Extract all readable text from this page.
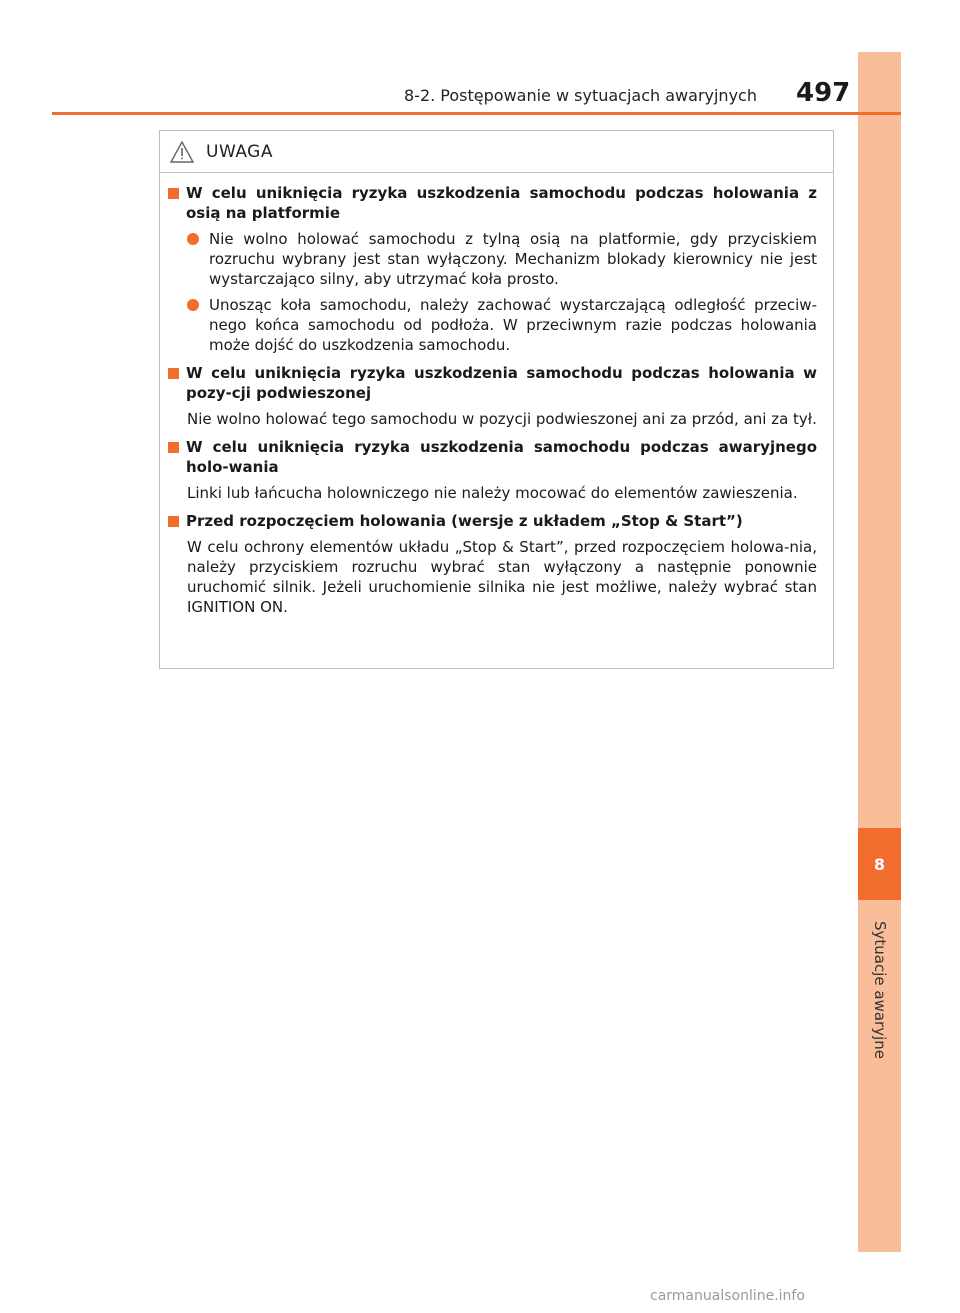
8
Sytuacje awaryjne
8-2. Postępowanie w sytuacjach awaryjnych 497
UWAGA
W celu uniknięcia ryzyka uszkodzenia samochodu podczas holowania z osią na platformie
Nie wolno holować samochodu z tylną osią na platformie, gdy przyciskiem rozruchu wybrany jest stan wyłączony. Mechanizm blokady kierownicy nie jest wystarczająco silny, aby utrzymać koła prosto.
Unosząc koła samochodu, należy zachować wystarczającą odległość przeciw-nego końca samochodu od podłoża. W przeciwnym razie podczas holowania może dojść do uszkodzenia samochodu.
W celu uniknięcia ryzyka uszkodzenia samochodu podczas holowania w pozy-cji podwieszonej
Nie wolno holować tego samochodu w pozycji podwieszonej ani za przód, ani za tył.
W celu uniknięcia ryzyka uszkodzenia samochodu podczas awaryjnego holo-wania
Linki lub łańcucha holowniczego nie należy mocować do elementów zawieszenia.
Przed rozpoczęciem holowania (wersje z układem „Stop & Start”)
W celu ochrony elementów układu „Stop & Start”, przed rozpoczęciem holowa-nia, należy przyciskiem rozruchu wybrać stan wyłączony a następnie ponownie uruchomić silnik. Jeżeli uruchomienie silnika nie jest możliwe, należy wybrać stan IGNITION ON.
carmanualsonline.info
